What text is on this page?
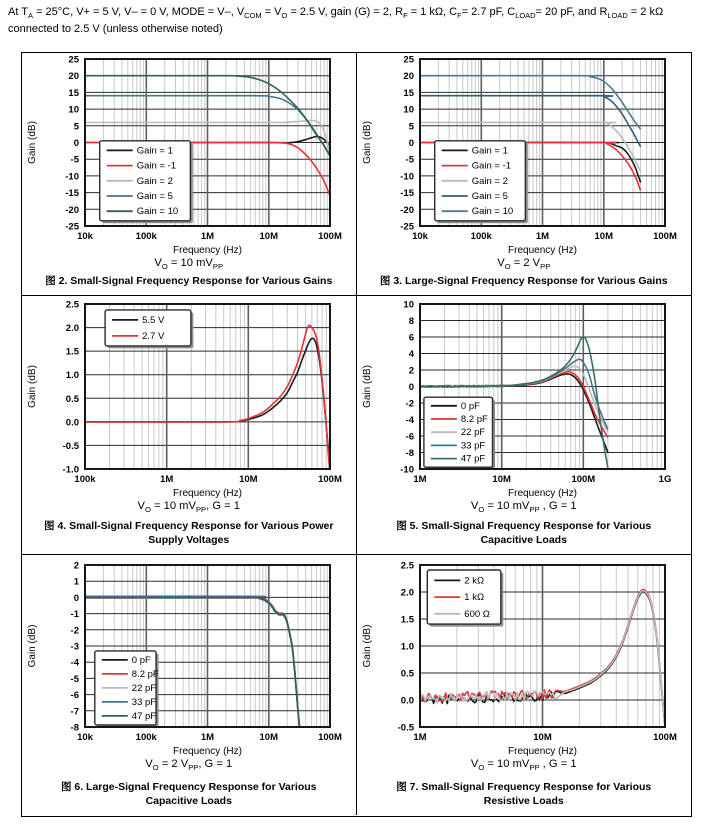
At $T_A = 25^\circ C$, V+ = 5 V, V– = 0 V, MODE = V–, $V_{COM} = V_O = 2.5$ V, gain (G) = 2, $R_F = 1$ kΩ, $C_F= 2.7$ pF, $C_{LOAD}= 20$ pF, and $R_{LOAD} = 2$ kΩ connected to 2.5 V (unless otherwise noted)

Gain = 1
Gain = -1
Gain = 2
Gain = 5
Gain = 10
25
20
15
10
5
0
-5
-10
-15
-20
-25
10k	100k	1M	10M	100M
Gain (dB)
Frequency (Hz)
$V_O = 10$ $mV_{PP}$
图 2. Small-Signal Frequency Response for Various Gains
Gain = 1
Gain = -1
Gain = 2
Gain = 5
Gain = 10
25
20
15
10
5
0
-5
-10
-15
-20
-25
10k	100k	1M	10M	100M
Gain (dB)
Frequency (Hz)
$V_O = 2$ $V_{PP}$
图 3. Large-Signal Frequency Response for Various Gains
5.5 V
2.7 V
2.5
2.0
1.5
1.0
0.5
0.0
-0.5
-1.0
100k	1M	10M	100M
Gain (dB)
Frequency (Hz)
$V_O = 10$ $mV_{PP}$, G = 1
图 4. Small-Signal Frequency Response for Various Power Supply Voltages
0 pF
8.2 pF
22 pF
33 pF
47 pF
10
8
6
4
2
0
-2
-4
-6
-8
-10
1M	10M	100M	1G
Gain (dB)
Frequency (Hz)
$V_O = 10$ $mV_{PP}$ , G = 1
图 5. Small-Signal Frequency Response for Various Capacitive Loads
0 pF
8.2 pF
22 pF
33 pF
47 pF
2
1
0
-1
-2
-3
-4
-5
-6
-7
-8
10k	100k	1M	10M	100M
Gain (dB)
Frequency (Hz)
$V_O = 2$ $V_{PP}$, G = 1
图 6. Large-Signal Frequency Response for Various Capacitive Loads
2 kΩ
1 kΩ
600 Ω
2.5
2.0
1.5
1.0
0.5
0.0
-0.5
1M	10M	100M
Gain (dB)
Frequency (Hz)
$V_O = 10$ $mV_{PP}$ , G = 1
图 7. Small-Signal Frequency Response for Various Resistive Loads
